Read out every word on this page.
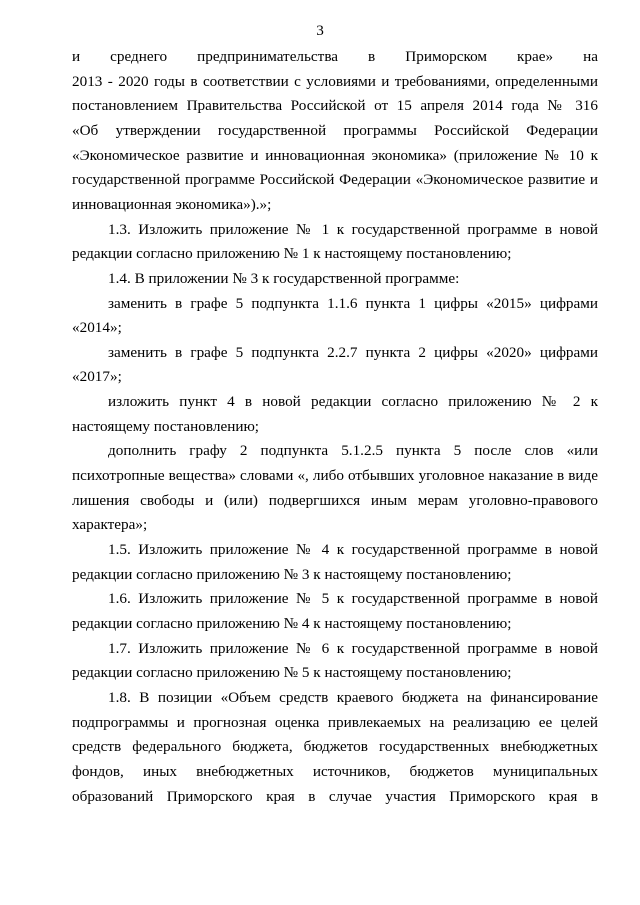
3
и среднего предпринимательства в Приморском крае» на
2013 - 2020 годы в соответствии с условиями и требованиями, определенными
постановлением Правительства Российской от 15 апреля 2014 года № 316
«Об утверждении государственной программы Российской Федерации
«Экономическое развитие и инновационная экономика» (приложение № 10 к
государственной программе Российской Федерации «Экономическое развитие и
инновационная экономика»).»;
1.3. Изложить приложение № 1 к государственной программе в новой
редакции согласно приложению № 1 к настоящему постановлению;
1.4. В приложении № 3 к государственной программе:
заменить в графе 5 подпункта 1.1.6 пункта 1 цифры «2015» цифрами
«2014»;
заменить в графе 5 подпункта 2.2.7 пункта 2 цифры «2020» цифрами
«2017»;
изложить пункт 4 в новой редакции согласно приложению № 2 к
настоящему постановлению;
дополнить графу 2 подпункта 5.1.2.5 пункта 5 после слов «или
психотропные вещества» словами «, либо отбывших уголовное наказание в виде
лишения свободы и (или) подвергшихся иным мерам уголовно-правового
характера»;
1.5. Изложить приложение № 4 к государственной программе в новой
редакции согласно приложению № 3 к настоящему постановлению;
1.6. Изложить приложение № 5 к государственной программе в новой
редакции согласно приложению № 4 к настоящему постановлению;
1.7. Изложить приложение № 6 к государственной программе в новой
редакции согласно приложению № 5 к настоящему постановлению;
1.8. В позиции «Объем средств краевого бюджета на финансирование
подпрограммы и прогнозная оценка привлекаемых на реализацию ее целей
средств федерального бюджета, бюджетов государственных внебюджетных
фондов, иных внебюджетных источников, бюджетов муниципальных
образований Приморского края в случае участия Приморского края в
